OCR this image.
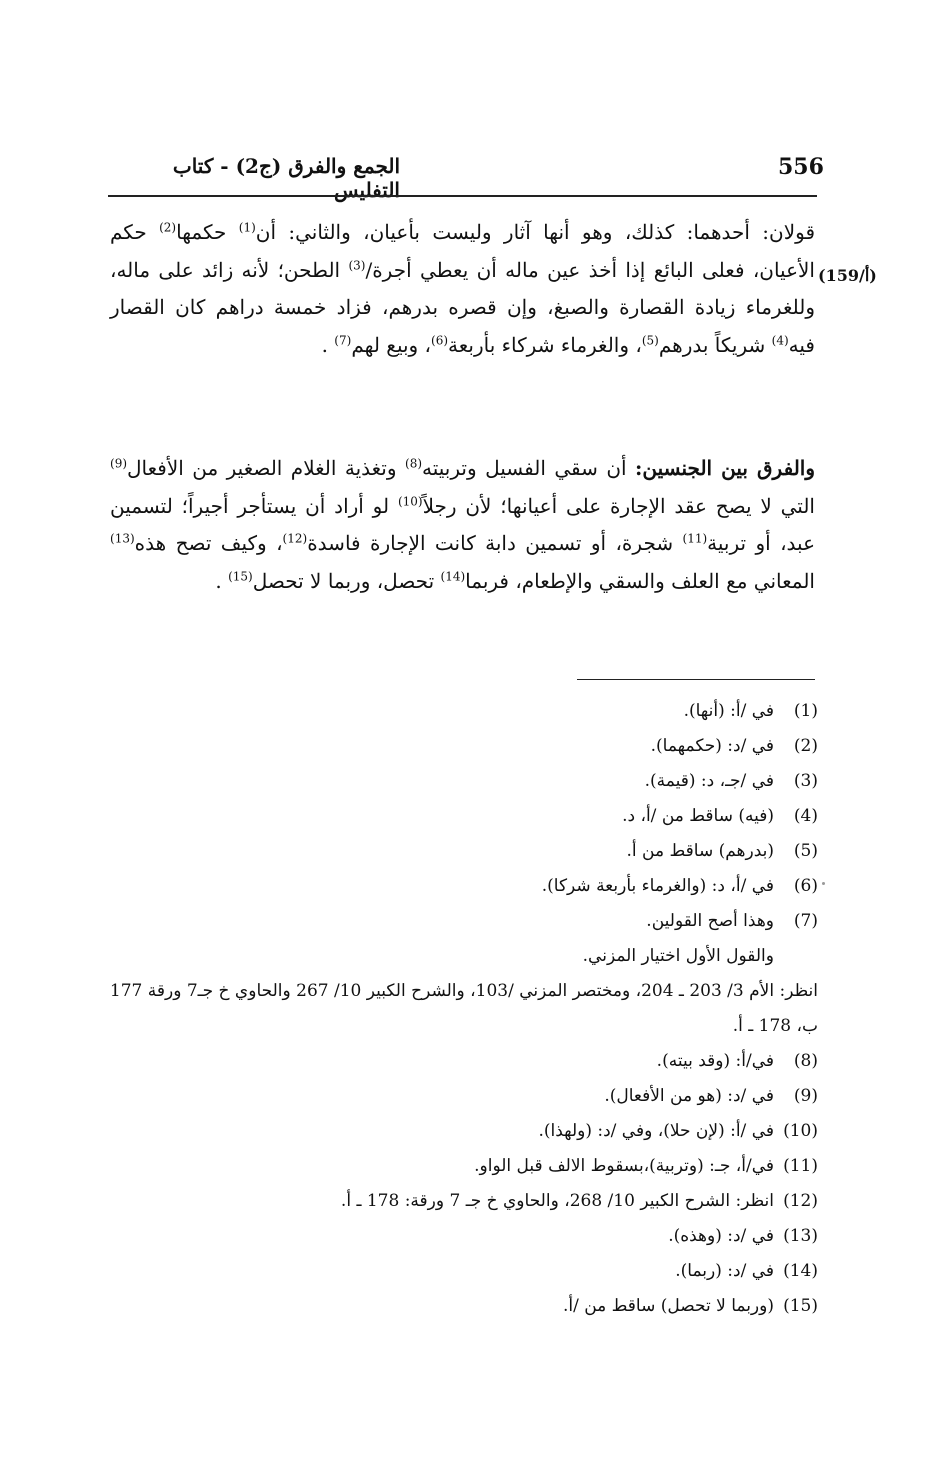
556
الجمع والفرق (ج2) - كتاب التفليس
(159/أ)
قولان: أحدهما: كذلك، وهو أنها آثار وليست بأعيان، والثاني: أن$^{(1)}$ حكمها$^{(2)}$ حكم الأعيان، فعلى البائع إذا أخذ عين ماله أن يعطي أجرة/$^{(3)}$ الطحن؛ لأنه زائد على ماله، وللغرماء زيادة القصارة والصبغ، وإن قصره بدرهم، فزاد خمسة دراهم كان القصار فيه$^{(4)}$ شريكاً بدرهم$^{(5)}$، والغرماء شركاء بأربعة$^{(6)}$، وبيع لهم$^{(7)}$ .
والفرق بين الجنسين: أن سقي الفسيل وتربيته$^{(8)}$ وتغذية الغلام الصغير من الأفعال$^{(9)}$ التي لا يصح عقد الإجارة على أعيانها؛ لأن رجلاً$^{(10)}$ لو أراد أن يستأجر أجيراً؛ لتسمين عبد، أو تربية$^{(11)}$ شجرة، أو تسمين دابة كانت الإجارة فاسدة$^{(12)}$، وكيف تصح هذه$^{(13)}$ المعاني مع العلف والسقي والإطعام، فربما$^{(14)}$ تحصل، وربما لا تحصل$^{(15)}$ .
(1)
في /أ: (أنها).
(2)
في /د: (حكمهما).
(3)
في /جـ، د: (قيمة).
(4)
(فيه) ساقط من /أ، د.
(5)
(بدرهم) ساقط من أ.
(6)
في /أ، د: (والغرماء بأربعة شركا).
(7)
وهذا أصح القولين.
والقول الأول اختيار المزني.
انظر: الأم 3/ 203 ـ 204، ومختصر المزني /103، والشرح الكبير 10/ 267 والحاوي خ جـ7 ورقة 177 ب، 178 ـ أ.
(8)
في/أ: (وقد بيته).
(9)
في /د: (هو من الأفعال).
(10)
في /أ: (لإن حلا)، وفي /د: (ولهذا).
(11)
في/أ، جـ: (وتربية)،بسقوط الالف قبل الواو.
(12)
انظر: الشرح الكبير 10/ 268، والحاوي خ جـ 7 ورقة: 178 ـ أ.
(13)
في /د: (وهذه).
(14)
في /د: (ربما).
(15)
(وربما لا تحصل) ساقط من /أ.
